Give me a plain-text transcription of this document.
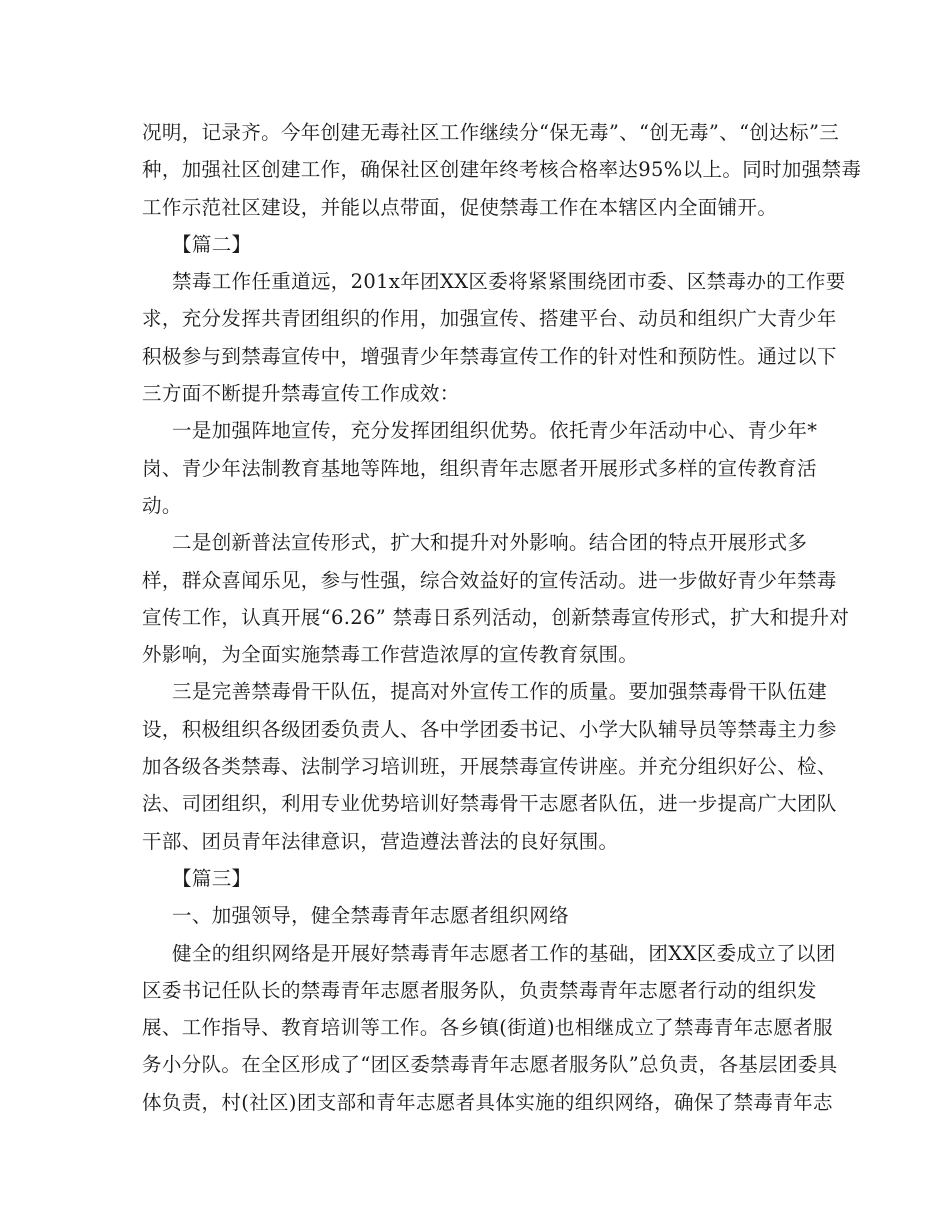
况明，记录齐。今年创建无毒社区工作继续分“保无毒”、“创无毒”、“创达标”三
种，加强社区创建工作，确保社区创建年终考核合格率达95%以上。同时加强禁毒
工作示范社区建设，并能以点带面，促使禁毒工作在本辖区内全面铺开。
【篇二】
禁毒工作任重道远，201x年团XX区委将紧紧围绕团市委、区禁毒办的工作要
求，充分发挥共青团组织的作用，加强宣传、搭建平台、动员和组织广大青少年
积极参与到禁毒宣传中，增强青少年禁毒宣传工作的针对性和预防性。通过以下
三方面不断提升禁毒宣传工作成效：
一是加强阵地宣传，充分发挥团组织优势。依托青少年活动中心、青少年*
岗、青少年法制教育基地等阵地，组织青年志愿者开展形式多样的宣传教育活
动。
二是创新普法宣传形式，扩大和提升对外影响。结合团的特点开展形式多
样，群众喜闻乐见，参与性强，综合效益好的宣传活动。进一步做好青少年禁毒
宣传工作，认真开展“6.26” 禁毒日系列活动，创新禁毒宣传形式，扩大和提升对
外影响，为全面实施禁毒工作营造浓厚的宣传教育氛围。
三是完善禁毒骨干队伍，提高对外宣传工作的质量。要加强禁毒骨干队伍建
设，积极组织各级团委负责人、各中学团委书记、小学大队辅导员等禁毒主力参
加各级各类禁毒、法制学习培训班，开展禁毒宣传讲座。并充分组织好公、检、
法、司团组织，利用专业优势培训好禁毒骨干志愿者队伍，进一步提高广大团队
干部、团员青年法律意识，营造遵法普法的良好氛围。
【篇三】
一、加强领导，健全禁毒青年志愿者组织网络
健全的组织网络是开展好禁毒青年志愿者工作的基础，团XX区委成立了以团
区委书记任队长的禁毒青年志愿者服务队，负责禁毒青年志愿者行动的组织发
展、工作指导、教育培训等工作。各乡镇(街道)也相继成立了禁毒青年志愿者服
务小分队。在全区形成了“团区委禁毒青年志愿者服务队”总负责，各基层团委具
体负责，村(社区)团支部和青年志愿者具体实施的组织网络，确保了禁毒青年志
